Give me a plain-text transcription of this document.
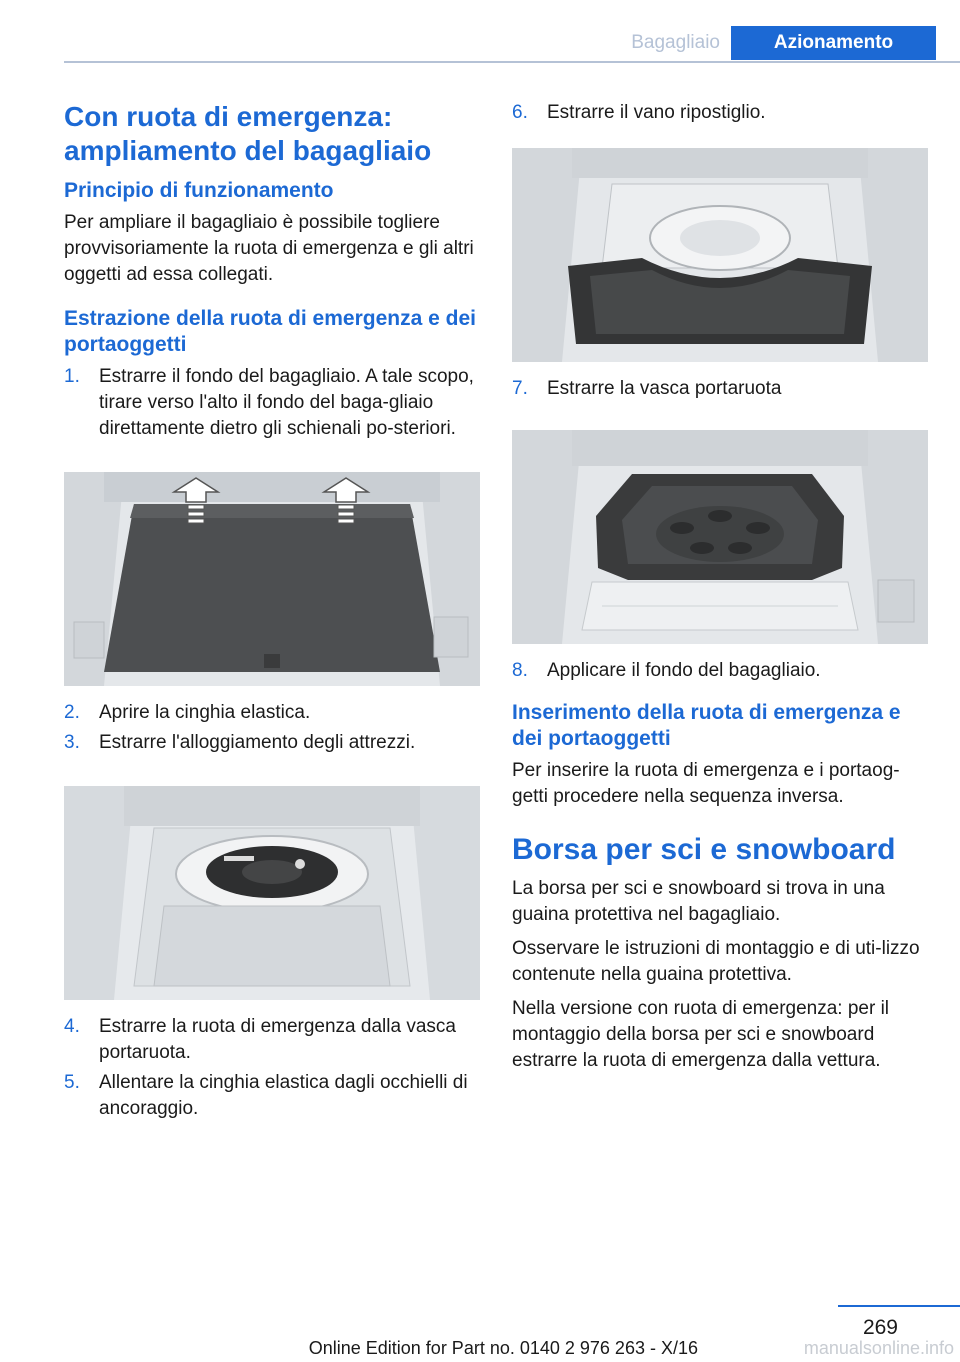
Bagagliaio	Azionamento
Con ruota di emergenza: ampliamento del bagagliaio
Principio di funzionamento

Per ampliare il bagagliaio è possibile togliere provvisoriamente la ruota di emergenza e gli altri oggetti ad essa collegati.

Estrazione della ruota di emergenza e dei portaoggetti
1. Estrarre il fondo del bagagliaio. A tale scopo, tirare verso l'alto il fondo del baga‐gliaio direttamente dietro gli schienali po‐steriori.
2. Aprire la cinghia elastica.
3. Estrarre l'alloggiamento degli attrezzi.
4. Estrarre la ruota di emergenza dalla vasca portaruota.
5. Allentare la cinghia elastica dagli occhielli di ancoraggio.
6. Estrarre il vano ripostiglio.
7. Estrarre la vasca portaruota
8. Applicare il fondo del bagagliaio.
Inserimento della ruota di emergenza e dei portaoggetti

Per inserire la ruota di emergenza e i portaog‐getti procedere nella sequenza inversa.

Borsa per sci e snowboard

La borsa per sci e snowboard si trova in una guaina protettiva nel bagagliaio.

Osservare le istruzioni di montaggio e di uti‐lizzo contenute nella guaina protettiva.

Nella versione con ruota di emergenza: per il montaggio della borsa per sci e snowboard estrarre la ruota di emergenza dalla vettura.

269
Online Edition for Part no. 0140 2 976 263 - X/16	manualsonline.info
